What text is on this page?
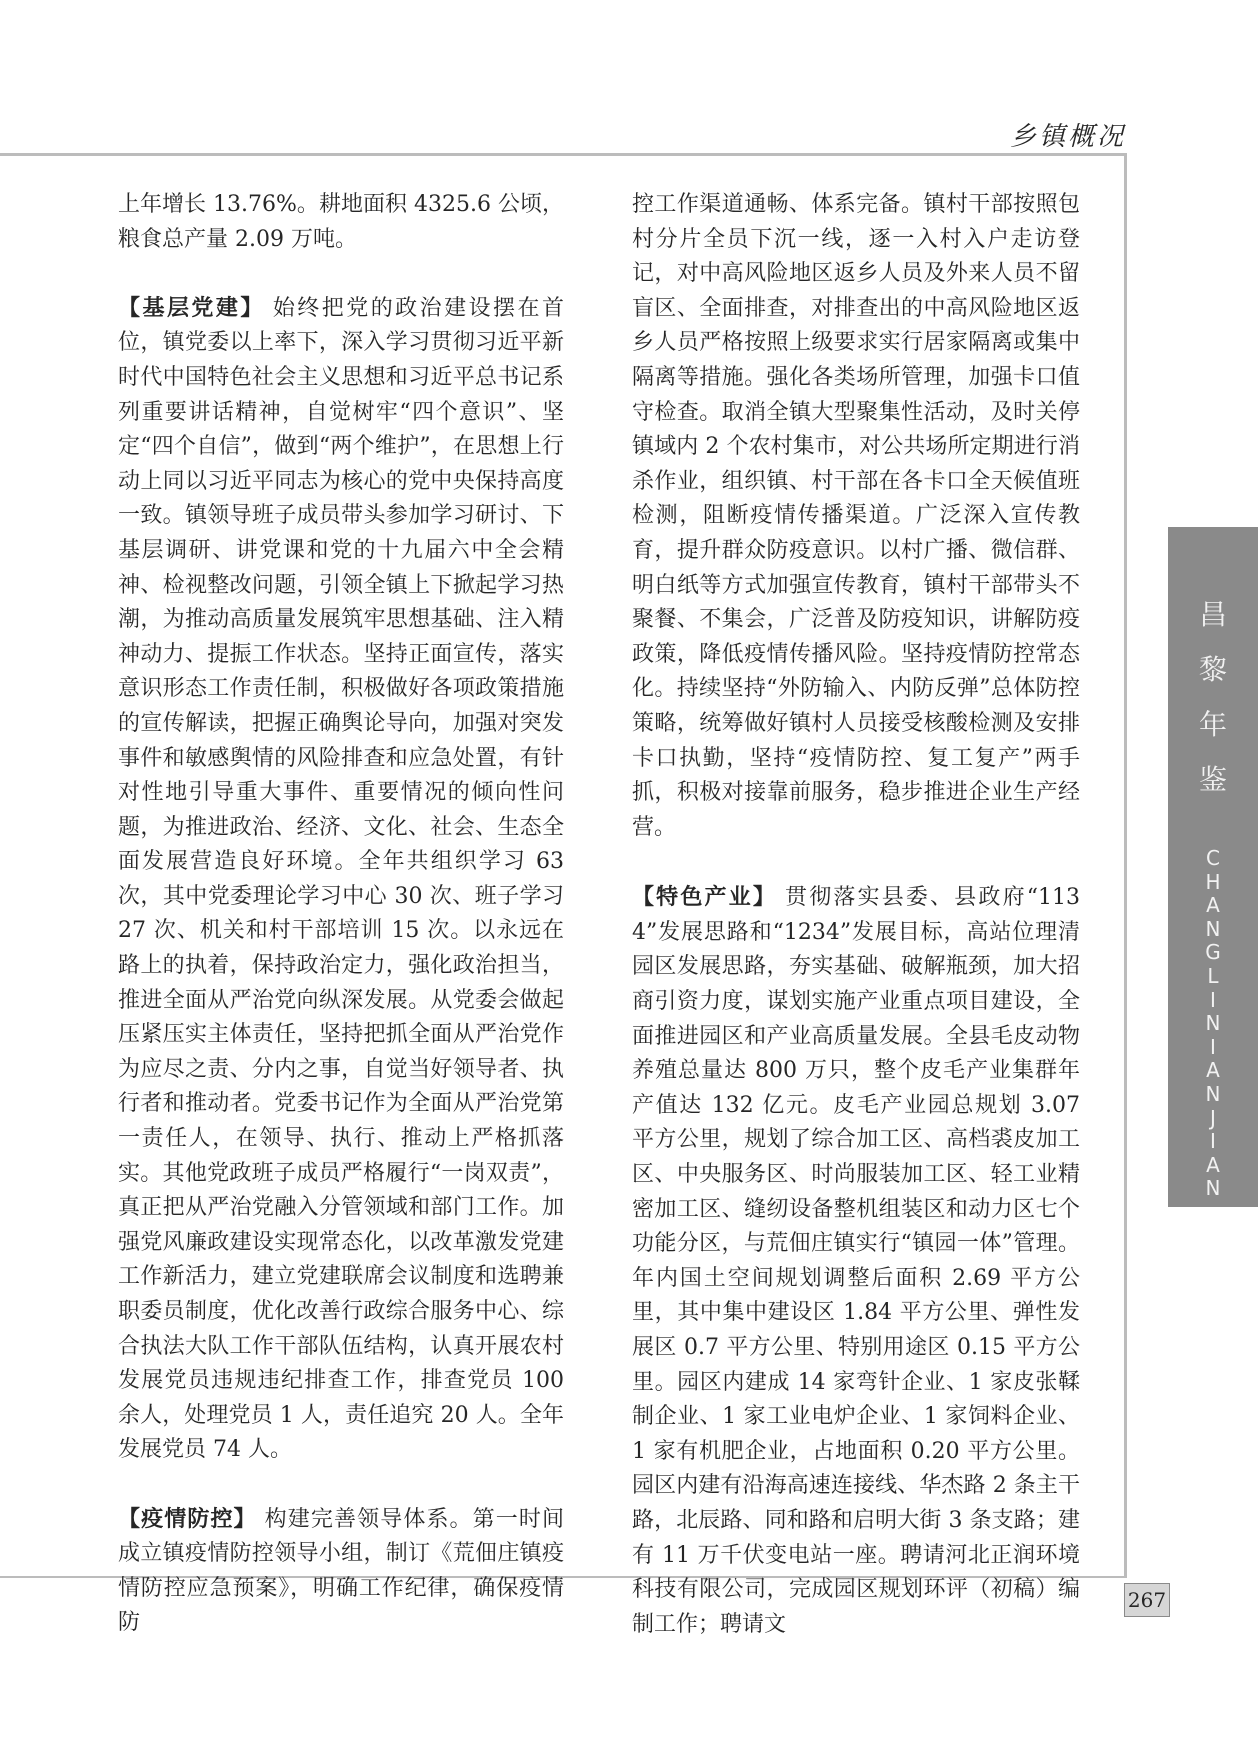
乡镇概况

上年增长 13.76%。耕地面积 4325.6 公顷，粮食总产量 2.09 万吨。

【基层党建】 始终把党的政治建设摆在首位，镇党委以上率下，深入学习贯彻习近平新时代中国特色社会主义思想和习近平总书记系列重要讲话精神，自觉树牢“四个意识”、坚定“四个自信”，做到“两个维护”，在思想上行动上同以习近平同志为核心的党中央保持高度一致。镇领导班子成员带头参加学习研讨、下基层调研、讲党课和党的十九届六中全会精神、检视整改问题，引领全镇上下掀起学习热潮，为推动高质量发展筑牢思想基础、注入精神动力、提振工作状态。坚持正面宣传，落实意识形态工作责任制，积极做好各项政策措施的宣传解读，把握正确舆论导向，加强对突发事件和敏感舆情的风险排查和应急处置，有针对性地引导重大事件、重要情况的倾向性问题，为推进政治、经济、文化、社会、生态全面发展营造良好环境。全年共组织学习 63 次，其中党委理论学习中心 30 次、班子学习 27 次、机关和村干部培训 15 次。以永远在路上的执着，保持政治定力，强化政治担当，推进全面从严治党向纵深发展。从党委会做起压紧压实主体责任，坚持把抓全面从严治党作为应尽之责、分内之事，自觉当好领导者、执行者和推动者。党委书记作为全面从严治党第一责任人，在领导、执行、推动上严格抓落实。其他党政班子成员严格履行“一岗双责”，真正把从严治党融入分管领域和部门工作。加强党风廉政建设实现常态化，以改革激发党建工作新活力，建立党建联席会议制度和选聘兼职委员制度，优化改善行政综合服务中心、综合执法大队工作干部队伍结构，认真开展农村发展党员违规违纪排查工作，排查党员 100 余人，处理党员 1 人，责任追究 20 人。全年发展党员 74 人。

【疫情防控】 构建完善领导体系。第一时间成立镇疫情防控领导小组，制订《荒佃庄镇疫情防控应急预案》，明确工作纪律，确保疫情防

控工作渠道通畅、体系完备。镇村干部按照包村分片全员下沉一线，逐一入村入户走访登记，对中高风险地区返乡人员及外来人员不留盲区、全面排查，对排查出的中高风险地区返乡人员严格按照上级要求实行居家隔离或集中隔离等措施。强化各类场所管理，加强卡口值守检查。取消全镇大型聚集性活动，及时关停镇域内 2 个农村集市，对公共场所定期进行消杀作业，组织镇、村干部在各卡口全天候值班检测，阻断疫情传播渠道。广泛深入宣传教育，提升群众防疫意识。以村广播、微信群、明白纸等方式加强宣传教育，镇村干部带头不聚餐、不集会，广泛普及防疫知识，讲解防疫政策，降低疫情传播风险。坚持疫情防控常态化。持续坚持“外防输入、内防反弹”总体防控策略，统筹做好镇村人员接受核酸检测及安排卡口执勤，坚持“疫情防控、复工复产”两手抓，积极对接靠前服务，稳步推进企业生产经营。

【特色产业】 贯彻落实县委、县政府“1134”发展思路和“1234”发展目标，高站位理清园区发展思路，夯实基础、破解瓶颈，加大招商引资力度，谋划实施产业重点项目建设，全面推进园区和产业高质量发展。全县毛皮动物养殖总量达 800 万只，整个皮毛产业集群年产值达 132 亿元。皮毛产业园总规划 3.07 平方公里，规划了综合加工区、高档裘皮加工区、中央服务区、时尚服装加工区、轻工业精密加工区、缝纫设备整机组装区和动力区七个功能分区，与荒佃庄镇实行“镇园一体”管理。年内国土空间规划调整后面积 2.69 平方公里，其中集中建设区 1.84 平方公里、弹性发展区 0.7 平方公里、特别用途区 0.15 平方公里。园区内建成 14 家弯针企业、1 家皮张鞣制企业、1 家工业电炉企业、1 家饲料企业、1 家有机肥企业，占地面积 0.20 平方公里。园区内建有沿海高速连接线、华杰路 2 条主干路，北辰路、同和路和启明大街 3 条支路；建有 11 万千伏变电站一座。聘请河北正润环境科技有限公司，完成园区规划环评（初稿）编制工作；聘请文

昌
黎
年
鉴
C
H
A
N
G
L
I
N
I
A
N
J
I
A
N
267
